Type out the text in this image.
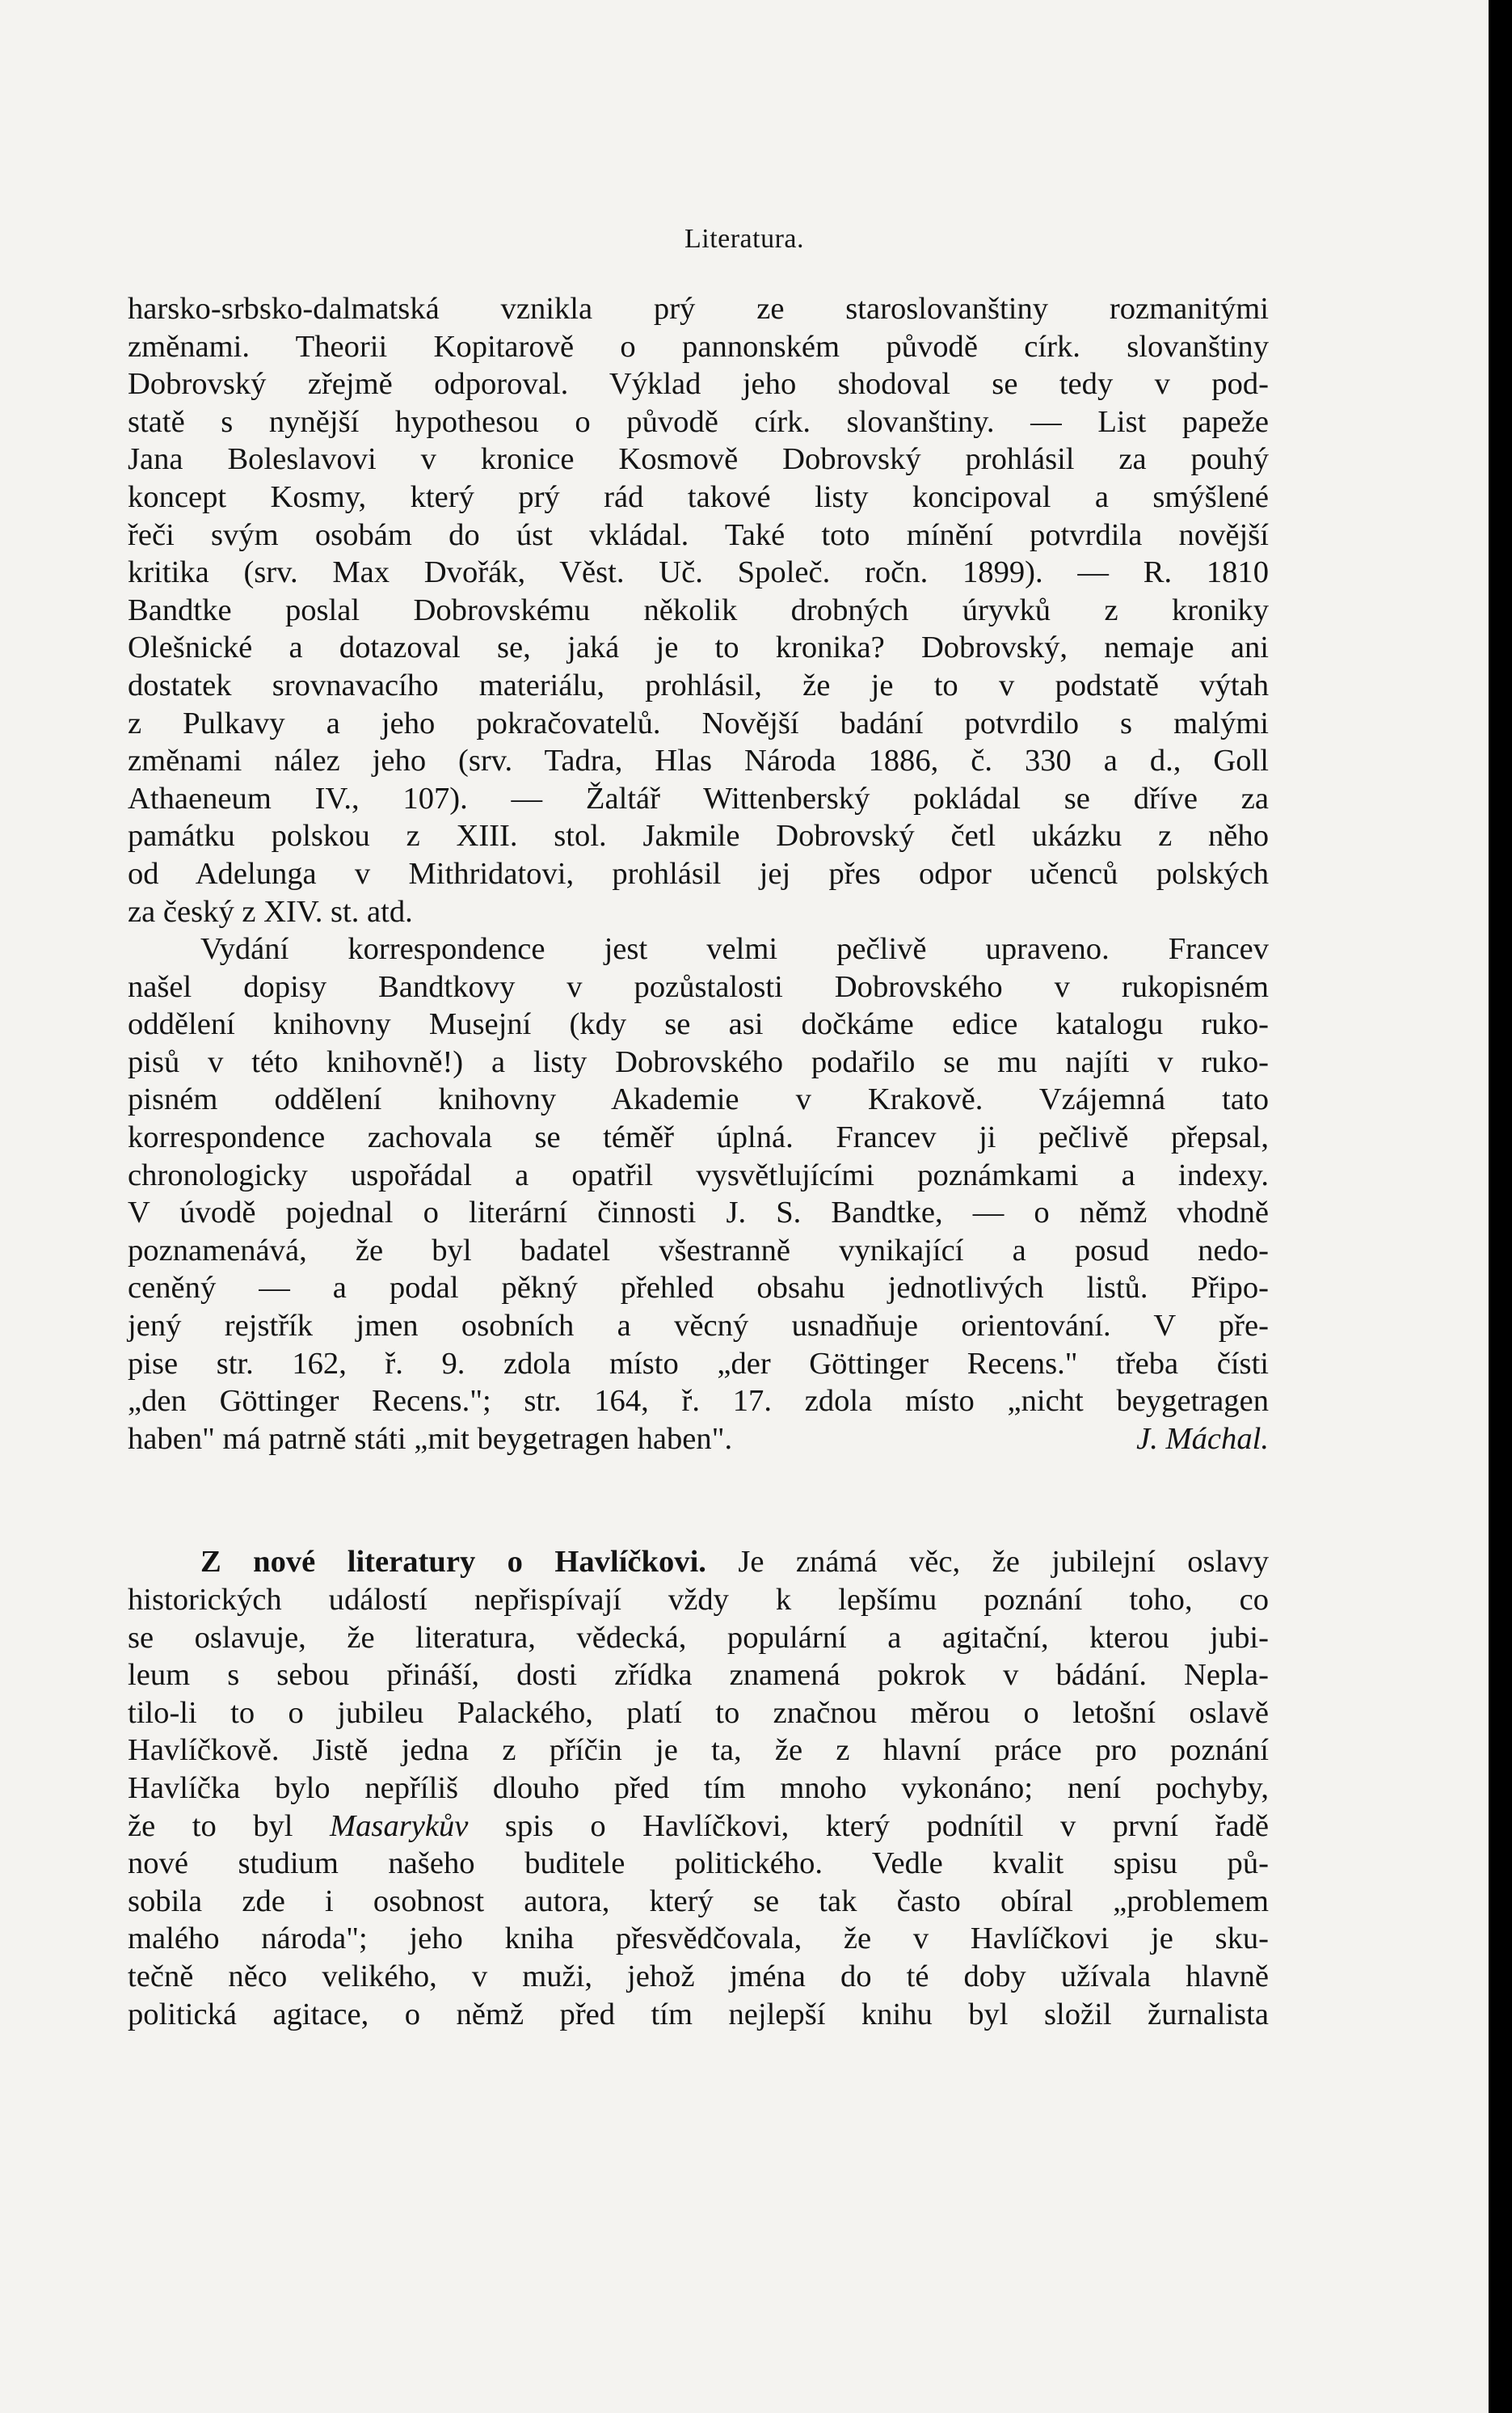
Literatura.
harsko-srbsko-dalmatská vznikla prý ze staroslovanštiny rozmanitými
změnami. Theorii Kopitarově o pannonském původě círk. slovanštiny
Dobrovský zřejmě odporoval. Výklad jeho shodoval se tedy v pod-
statě s nynější hypothesou o původě círk. slovanštiny. — List papeže
Jana Boleslavovi v kronice Kosmově Dobrovský prohlásil za pouhý
koncept Kosmy, který prý rád takové listy koncipoval a smýšlené
řeči svým osobám do úst vkládal. Také toto mínění potvrdila novější
kritika (srv. Max Dvořák, Věst. Uč. Společ. ročn. 1899). — R. 1810
Bandtke poslal Dobrovskému několik drobných úryvků z kroniky
Olešnické a dotazoval se, jaká je to kronika? Dobrovský, nemaje ani
dostatek srovnavacího materiálu, prohlásil, že je to v podstatě výtah
z Pulkavy a jeho pokračovatelů. Novější badání potvrdilo s malými
změnami nález jeho (srv. Tadra, Hlas Národa 1886, č. 330 a d., Goll
Athaeneum IV., 107). — Žaltář Wittenberský pokládal se dříve za
památku polskou z XIII. stol. Jakmile Dobrovský četl ukázku z něho
od Adelunga v Mithridatovi, prohlásil jej přes odpor učenců polských
za český z XIV. st. atd.
Vydání korrespondence jest velmi pečlivě upraveno. Francev
našel dopisy Bandtkovy v pozůstalosti Dobrovského v rukopisném
oddělení knihovny Musejní (kdy se asi dočkáme edice katalogu ruko-
pisů v této knihovně!) a listy Dobrovského podařilo se mu najíti v ruko-
pisném oddělení knihovny Akademie v Krakově. Vzájemná tato
korrespondence zachovala se téměř úplná. Francev ji pečlivě přepsal,
chronologicky uspořádal a opatřil vysvětlujícími poznámkami a indexy.
V úvodě pojednal o literární činnosti J. S. Bandtke, — o němž vhodně
poznamenává, že byl badatel všestranně vynikající a posud nedo-
ceněný — a podal pěkný přehled obsahu jednotlivých listů. Připo-
jený rejstřík jmen osobních a věcný usnadňuje orientování. V pře-
pise str. 162, ř. 9. zdola místo „der Göttinger Recens." třeba čísti
„den Göttinger Recens."; str. 164, ř. 17. zdola místo „nicht beygetragen
haben" má patrně státi „mit beygetragen haben".	J. Máchal.
Z nové literatury o Havlíčkovi. Je známá věc, že jubilejní oslavy
historických událostí nepřispívají vždy k lepšímu poznání toho, co
se oslavuje, že literatura, vědecká, populární a agitační, kterou jubi-
leum s sebou přináší, dosti zřídka znamená pokrok v bádání. Nepla-
tilo-li to o jubileu Palackého, platí to značnou měrou o letošní oslavě
Havlíčkově. Jistě jedna z příčin je ta, že z hlavní práce pro poznání
Havlíčka bylo nepříliš dlouho před tím mnoho vykonáno; není pochyby,
že to byl Masarykův spis o Havlíčkovi, který podnítil v první řadě
nové studium našeho buditele politického. Vedle kvalit spisu pů-
sobila zde i osobnost autora, který se tak často obíral „problemem
malého národa"; jeho kniha přesvědčovala, že v Havlíčkovi je sku-
tečně něco velikého, v muži, jehož jména do té doby užívala hlavně
politická agitace, o němž před tím nejlepší knihu byl složil žurnalista
